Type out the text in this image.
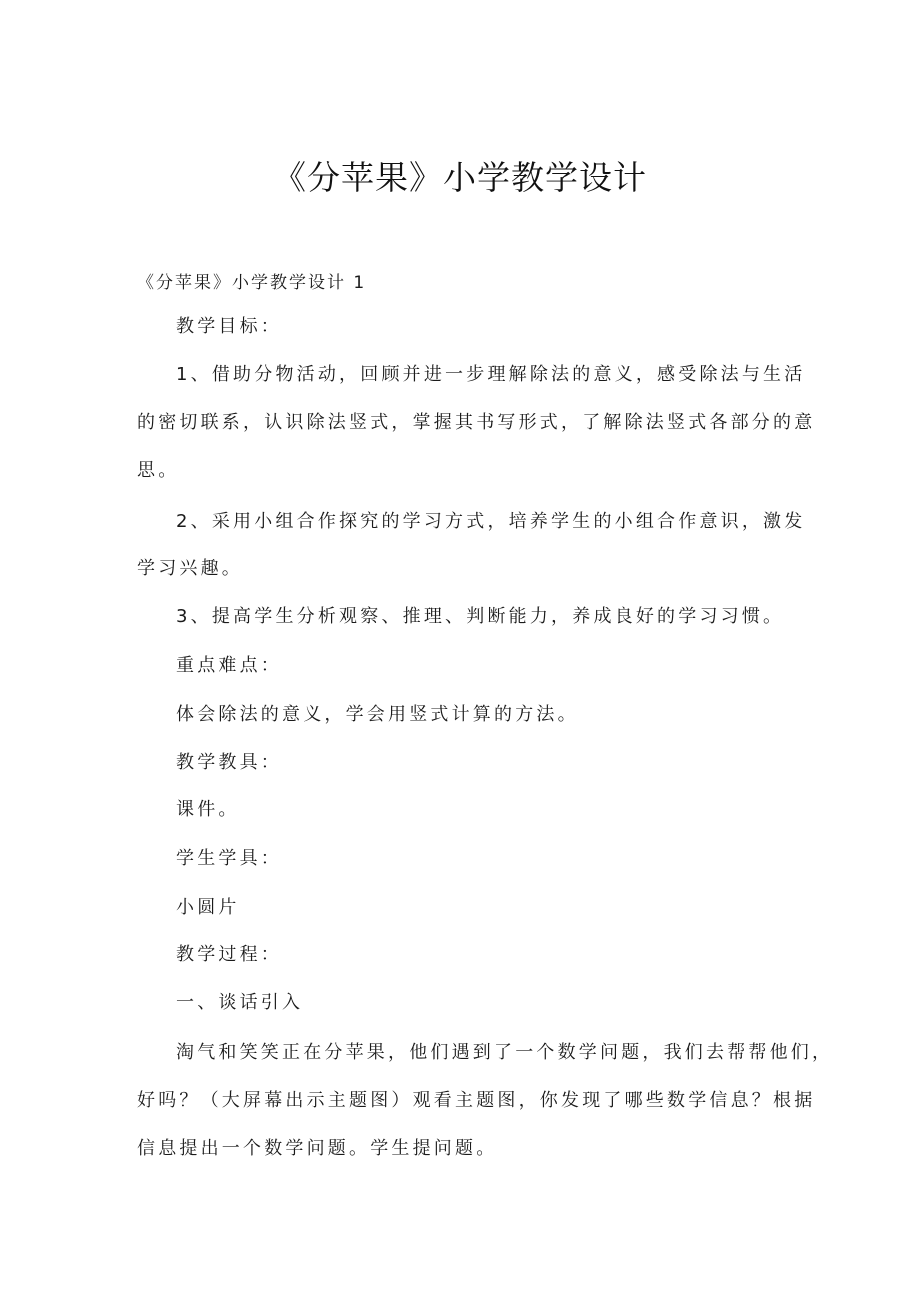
《分苹果》小学教学设计
《分苹果》小学教学设计 1
教学目标：
1、借助分物活动，回顾并进一步理解除法的意义，感受除法与生活
的密切联系，认识除法竖式，掌握其书写形式，了解除法竖式各部分的意
思。
2、采用小组合作探究的学习方式，培养学生的小组合作意识，激发
学习兴趣。
3、提高学生分析观察、推理、判断能力，养成良好的学习习惯。
重点难点：
体会除法的意义，学会用竖式计算的方法。
教学教具：
课件。
学生学具：
小圆片
教学过程：
一、谈话引入
淘气和笑笑正在分苹果，他们遇到了一个数学问题，我们去帮帮他们，
好吗？（大屏幕出示主题图）观看主题图，你发现了哪些数学信息？根据
信息提出一个数学问题。学生提问题。
